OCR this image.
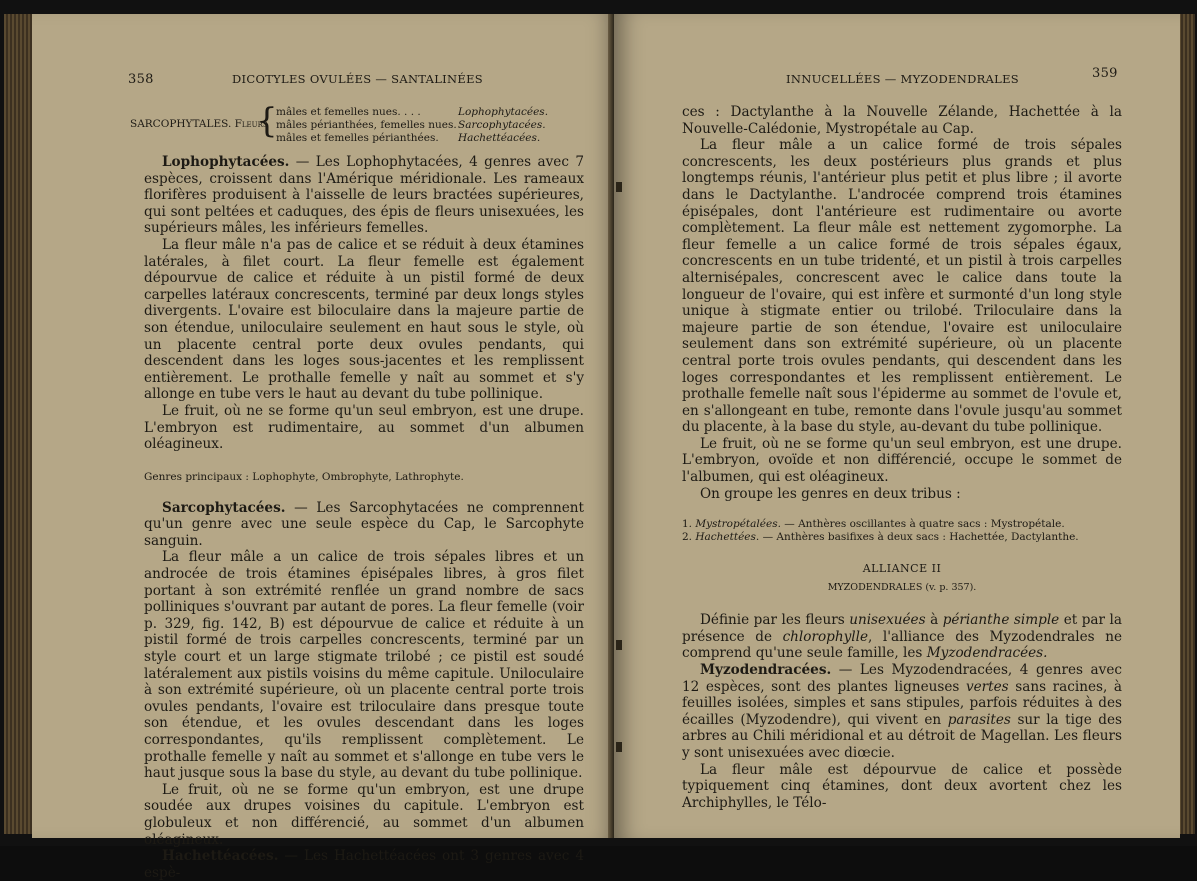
358	DICOTYLES OVULÉES — SANTALINÉES
SARCOPHYTALES. Fleurs
{
mâles et femelles nues. . . .	Lophophytacées.
mâles périanthées, femelles nues. Sarcophytacées.
mâles et femelles périanthées. Hachettéacées.

Lophophytacées. — Les Lophophytacées, 4 genres avec 7 espèces, croissent dans l'Amérique méridionale. Les rameaux florifères produisent à l'aisselle de leurs bractées supérieures, qui sont peltées et caduques, des épis de fleurs unisexuées, les supérieurs mâles, les inférieurs femelles.

La fleur mâle n'a pas de calice et se réduit à deux étamines latérales, à filet court. La fleur femelle est également dépourvue de calice et réduite à un pistil formé de deux carpelles latéraux concrescents, terminé par deux longs styles divergents. L'ovaire est biloculaire dans la majeure partie de son étendue, uniloculaire seulement en haut sous le style, où un placente central porte deux ovules pendants, qui descendent dans les loges sous-jacentes et les remplissent entièrement. Le prothalle femelle y naît au sommet et s'y allonge en tube vers le haut au devant du tube pollinique.

Le fruit, où ne se forme qu'un seul embryon, est une drupe. L'embryon est rudimentaire, au sommet d'un albumen oléagineux.

Genres principaux : Lophophyte, Ombrophyte, Lathrophyte.

Sarcophytacées. — Les Sarcophytacées ne comprennent qu'un genre avec une seule espèce du Cap, le Sarcophyte sanguin.

La fleur mâle a un calice de trois sépales libres et un androcée de trois étamines épisépales libres, à gros filet portant à son extrémité renflée un grand nombre de sacs polliniques s'ouvrant par autant de pores. La fleur femelle (voir p. 329, fig. 142, B) est dépourvue de calice et réduite à un pistil formé de trois carpelles concrescents, terminé par un style court et un large stigmate trilobé ; ce pistil est soudé latéralement aux pistils voisins du même capitule. Uniloculaire à son extrémité supérieure, où un placente central porte trois ovules pendants, l'ovaire est triloculaire dans presque toute son étendue, et les ovules descendant dans les loges correspondantes, qu'ils remplissent complètement. Le prothalle femelle y naît au sommet et s'allonge en tube vers le haut jusque sous la base du style, au devant du tube pollinique.

Le fruit, où ne se forme qu'un embryon, est une drupe soudée aux drupes voisines du capitule. L'embryon est globuleux et non différencié, au sommet d'un albumen oléagineux.

Hachettéacées. — Les Hachettéacées ont 3 genres avec 4 espè-

INNUCELLÉES — MYZODENDRALES	359

ces : Dactylanthe à la Nouvelle Zélande, Hachettée à la Nouvelle-Calédonie, Mystropétale au Cap.

La fleur mâle a un calice formé de trois sépales concrescents, les deux postérieurs plus grands et plus longtemps réunis, l'antérieur plus petit et plus libre ; il avorte dans le Dactylanthe. L'androcée comprend trois étamines épisépales, dont l'antérieure est rudimentaire ou avorte complètement. La fleur mâle est nettement zygomorphe. La fleur femelle a un calice formé de trois sépales égaux, concrescents en un tube tridenté, et un pistil à trois carpelles alternisépales, concrescent avec le calice dans toute la longueur de l'ovaire, qui est infère et surmonté d'un long style unique à stigmate entier ou trilobé. Triloculaire dans la majeure partie de son étendue, l'ovaire est uniloculaire seulement dans son extrémité supérieure, où un placente central porte trois ovules pendants, qui descendent dans les loges correspondantes et les remplissent entièrement. Le prothalle femelle naît sous l'épiderme au sommet de l'ovule et, en s'allongeant en tube, remonte dans l'ovule jusqu'au sommet du placente, à la base du style, au-devant du tube pollinique.

Le fruit, où ne se forme qu'un seul embryon, est une drupe. L'embryon, ovoïde et non différencié, occupe le sommet de l'albumen, qui est oléagineux.

On groupe les genres en deux tribus :

1. Mystropétalées. — Anthères oscillantes à quatre sacs : Mystropétale.

2. Hachettées. — Anthères basifixes à deux sacs : Hachettée, Dactylanthe.

ALLIANCE II

MYZODENDRALES (v. p. 357).

Définie par les fleurs unisexuées à périanthe simple et par la présence de chlorophylle, l'alliance des Myzodendrales ne comprend qu'une seule famille, les Myzodendracées.

Myzodendracées. — Les Myzodendracées, 4 genres avec 12 espèces, sont des plantes ligneuses vertes sans racines, à feuilles isolées, simples et sans stipules, parfois réduites à des écailles (Myzodendre), qui vivent en parasites sur la tige des arbres au Chili méridional et au détroit de Magellan. Les fleurs y sont unisexuées avec diœcie.

La fleur mâle est dépourvue de calice et possède typiquement cinq étamines, dont deux avortent chez les Archiphylles, le Télo-
